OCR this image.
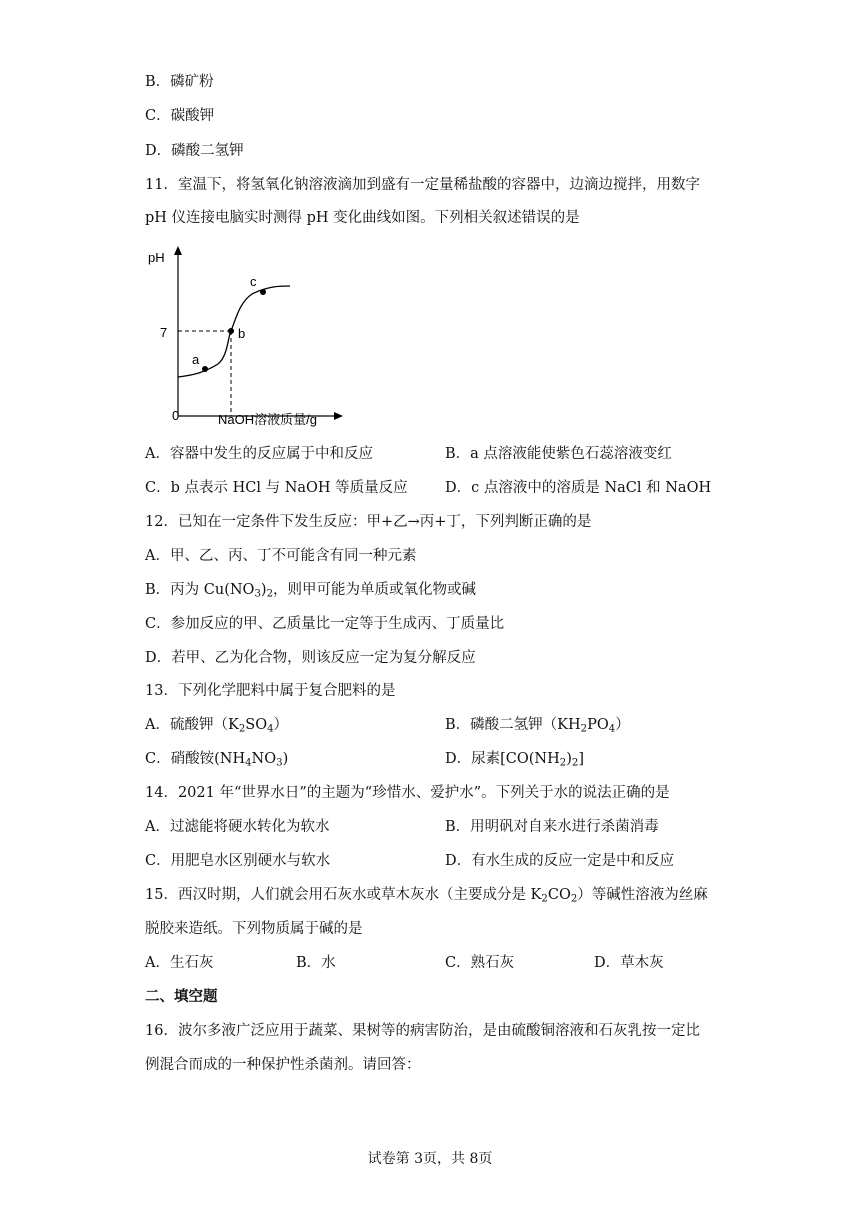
B．磷矿粉
C．碳酸钾
D．磷酸二氢钾
11．室温下，将氢氧化钠溶液滴加到盛有一定量稀盐酸的容器中，边滴边搅拌，用数字
pH 仪连接电脑实时测得 pH 变化曲线如图。下列相关叙述错误的是
pH
0
7
NaOH溶液质量/g
a
b
c
A．容器中发生的反应属于中和反应	B．a 点溶液能使紫色石蕊溶液变红
C．b 点表示 HCl 与 NaOH 等质量反应	D．c 点溶液中的溶质是 NaCl 和 NaOH
12．已知在一定条件下发生反应：甲+乙→丙+丁，下列判断正确的是
A．甲、乙、丙、丁不可能含有同一种元素
B．丙为 $Cu(NO_3)_2$，则甲可能为单质或氧化物或碱
C．参加反应的甲、乙质量比一定等于生成丙、丁质量比
D．若甲、乙为化合物，则该反应一定为复分解反应
13．下列化学肥料中属于复合肥料的是
A．硫酸钾$(K_2SO_4)$	B．磷酸二氢钾$(KH_2PO_4)$
C．硝酸铵$(NH_4NO_3)$	D．尿素$[CO(NH_2)_2]$
14．2021 年“世界水日”的主题为“珍惜水、爱护水”。下列关于水的说法正确的是
A．过滤能将硬水转化为软水	B．用明矾对自来水进行杀菌消毒
C．用肥皂水区别硬水与软水	D．有水生成的反应一定是中和反应
15．西汉时期，人们就会用石灰水或草木灰水（主要成分是 $K_2CO_2$）等碱性溶液为丝麻
脱胶来造纸。下列物质属于碱的是
A．生石灰	B．水	C．熟石灰	D．草木灰
二、填空题
16．波尔多液广泛应用于蔬菜、果树等的病害防治，是由硫酸铜溶液和石灰乳按一定比
例混合而成的一种保护性杀菌剂。请回答：
试卷第 3页，共 8页
